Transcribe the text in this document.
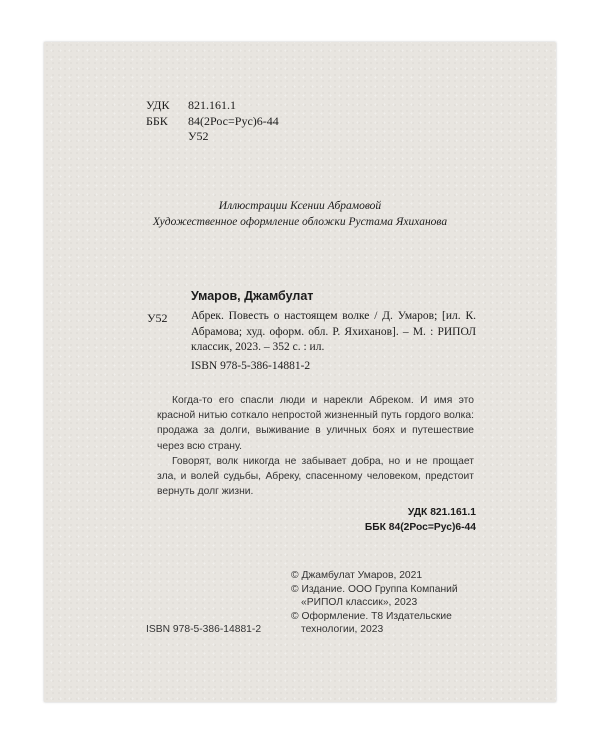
УДК	821.161.1
ББК	84(2Рос=Рус)6-44
У52
Иллюстрации Ксении Абрамовой
Художественное оформление обложки Рустама Яхиханова
Умаров, Джамбулат
У52 Абрек. Повесть о настоящем волке / Д. Умаров; [ил. К. Абрамова; худ. оформ. обл. Р. Яхиханов]. – М. : РИПОЛ классик, 2023. – 352 с. : ил.
ISBN 978-5-386-14881-2

Когда-то его спасли люди и нарекли Абреком. И имя это красной нитью соткало непростой жизненный путь гордого волка: продажа за долги, выживание в уличных боях и путешествие через всю страну.

Говорят, волк никогда не забывает добра, но и не прощает зла, и волей судьбы, Абреку, спасенному человеком, предстоит вернуть долг жизни.

УДК 821.161.1
ББК 84(2Рос=Рус)6-44
© Джамбулат Умаров, 2021
© Издание. ООО Группа Компаний
«РИПОЛ классик», 2023
© Оформление. Т8 Издательские
технологии, 2023
ISBN 978-5-386-14881-2
